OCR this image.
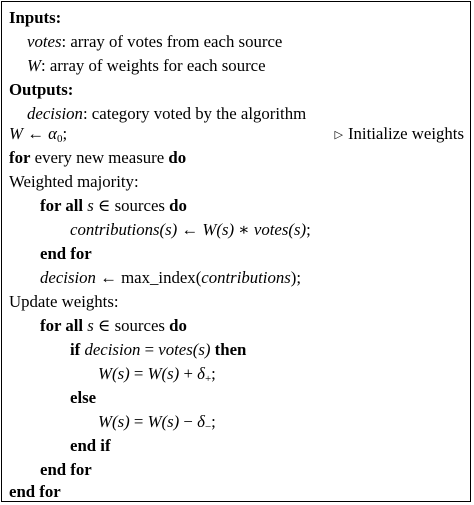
Inputs:
votes: array of votes from each source
W: array of weights for each source
Outputs:
decision: category voted by the algorithm
W ← $\alpha_0$;	▷ Initialize weights
for every new measure do
Weighted majority:
for all s ∈ sources do
contributions(s) ← W(s) ∗ votes(s);
end for
decision ← max_index(contributions);
Update weights:
for all s ∈ sources do
if decision = votes(s) then
$W(s) = W(s) + \delta_+$;
else
$W(s) = W(s) - \delta_-$;
end if
end for
end for
